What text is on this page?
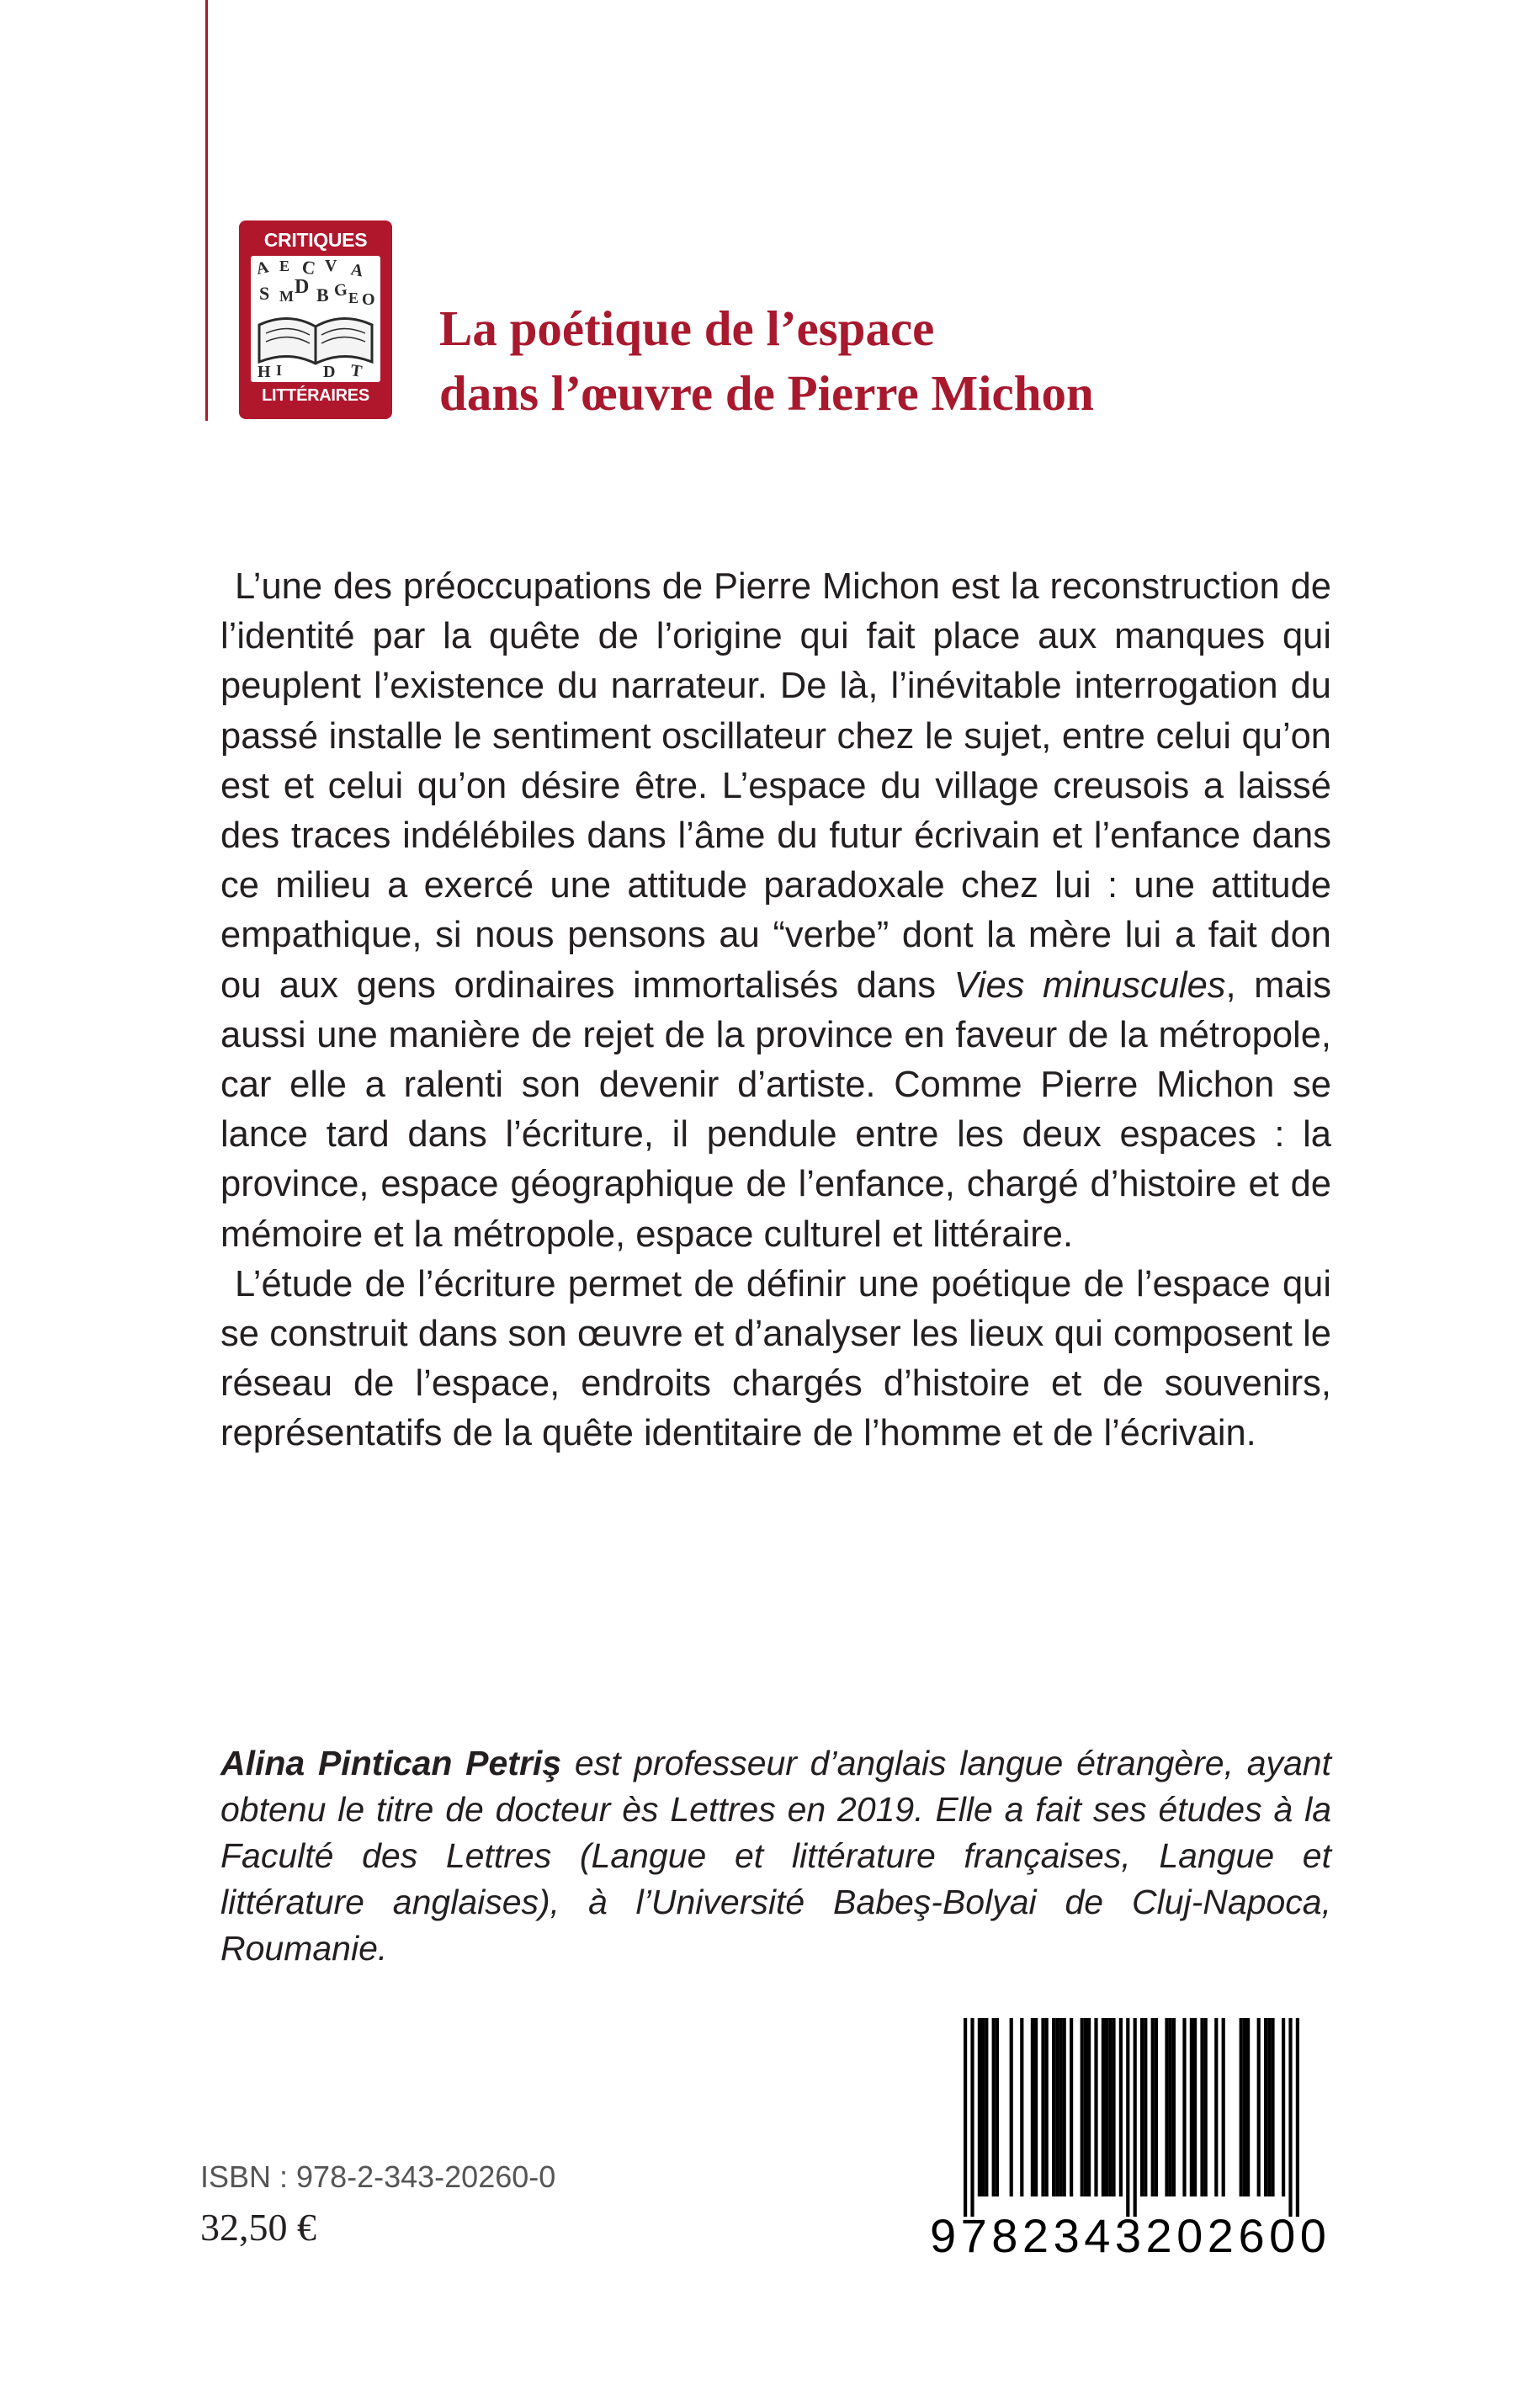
CRITIQUES
A E C V A
D
S M B G E O
H I D T
LITTÉRAIRES
La poétique de l’espace
dans l’œuvre de Pierre Michon

L’une des préoccupations de Pierre Michon est la reconstruction de l’identité par la quête de l’origine qui fait place aux manques qui peuplent l’existence du narrateur. De là, l’inévitable interrogation du passé installe le sentiment oscillateur chez le sujet, entre celui qu’on est et celui qu’on désire être. L’espace du village creusois a laissé des traces indélébiles dans l’âme du futur écrivain et l’enfance dans ce milieu a exercé une attitude paradoxale chez lui : une attitude empathique, si nous pensons au “verbe” dont la mère lui a fait don ou aux gens ordinaires immortalisés dans Vies minuscules, mais aussi une manière de rejet de la province en faveur de la métropole, car elle a ralenti son devenir d’artiste. Comme Pierre Michon se lance tard dans l’écriture, il pendule entre les deux espaces : la province, espace géographique de l’enfance, chargé d’histoire et de mémoire et la métropole, espace culturel et littéraire.

L’étude de l’écriture permet de définir une poétique de l’espace qui se construit dans son œuvre et d’analyser les lieux qui composent le réseau de l’espace, endroits chargés d’histoire et de souvenirs, représentatifs de la quête identitaire de l’homme et de l’écrivain.

Alina Pintican Petriş est professeur d’anglais langue étrangère, ayant obtenu le titre de docteur ès Lettres en 2019. Elle a fait ses études à la Faculté des Lettres (Langue et littérature françaises, Langue et littérature anglaises), à l’Université Babeş-Bolyai de Cluj-Napoca, Roumanie.
ISBN : 978-2-343-20260-0
32,50 €	9782343202600
